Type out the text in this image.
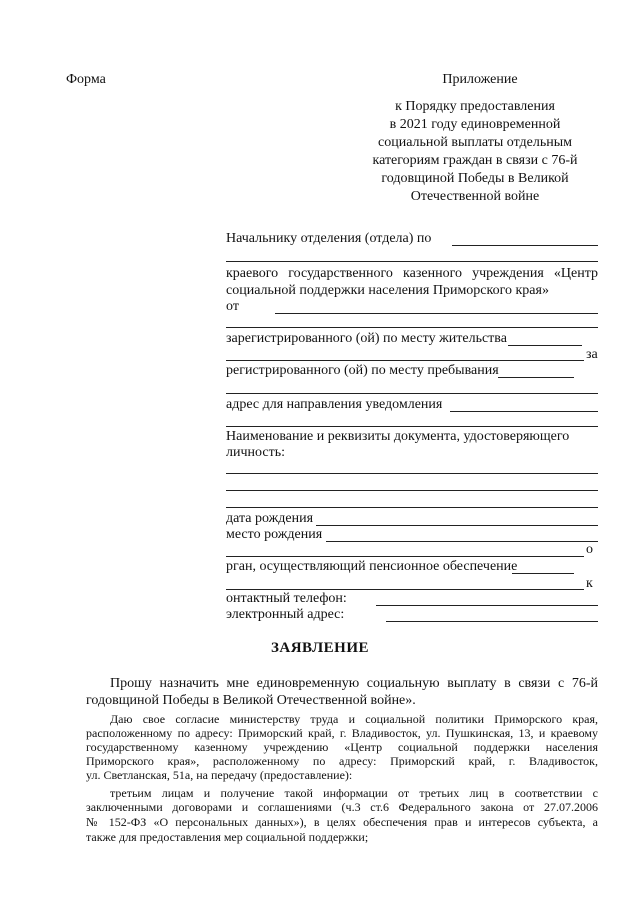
Форма	Приложение
к Порядку предоставления
в 2021 году единовременной
социальной выплаты отдельным
категориям граждан в связи с 76-й
годовщиной Победы в Великой
Отечественной войне
Начальнику отделения (отдела) по
краевого государственного казенного учреждения «Центр
социальной поддержки населения Приморского края»
от
зарегистрированного (ой) по месту жительства
за
регистрированного (ой) по месту пребывания
адрес для направления уведомления
Наименование и реквизиты документа, удостоверяющего
личность:
дата рождения
место рождения
о
рган, осуществляющий пенсионное обеспечение
к
онтактный телефон:
электронный адрес:
ЗАЯВЛЕНИЕ
Прошу назначить мне единовременную социальную выплату в связи с 76-й
годовщиной Победы в Великой Отечественной войне».
Даю свое согласие министерству труда и социальной политики Приморского края,
расположенному по адресу: Приморский край, г. Владивосток, ул. Пушкинская, 13, и краевому
государственному казенному учреждению «Центр социальной поддержки населения
Приморского края», расположенному по адресу: Приморский край, г. Владивосток,
ул. Светланская, 51а, на передачу (предоставление):
третьим лицам и получение такой информации от третьих лиц в соответствии с
заключенными договорами и соглашениями (ч.3 ст.6 Федерального закона от 27.07.2006
№ 152-ФЗ «О персональных данных»), в целях обеспечения прав и интересов субъекта, а
также для предоставления мер социальной поддержки;
